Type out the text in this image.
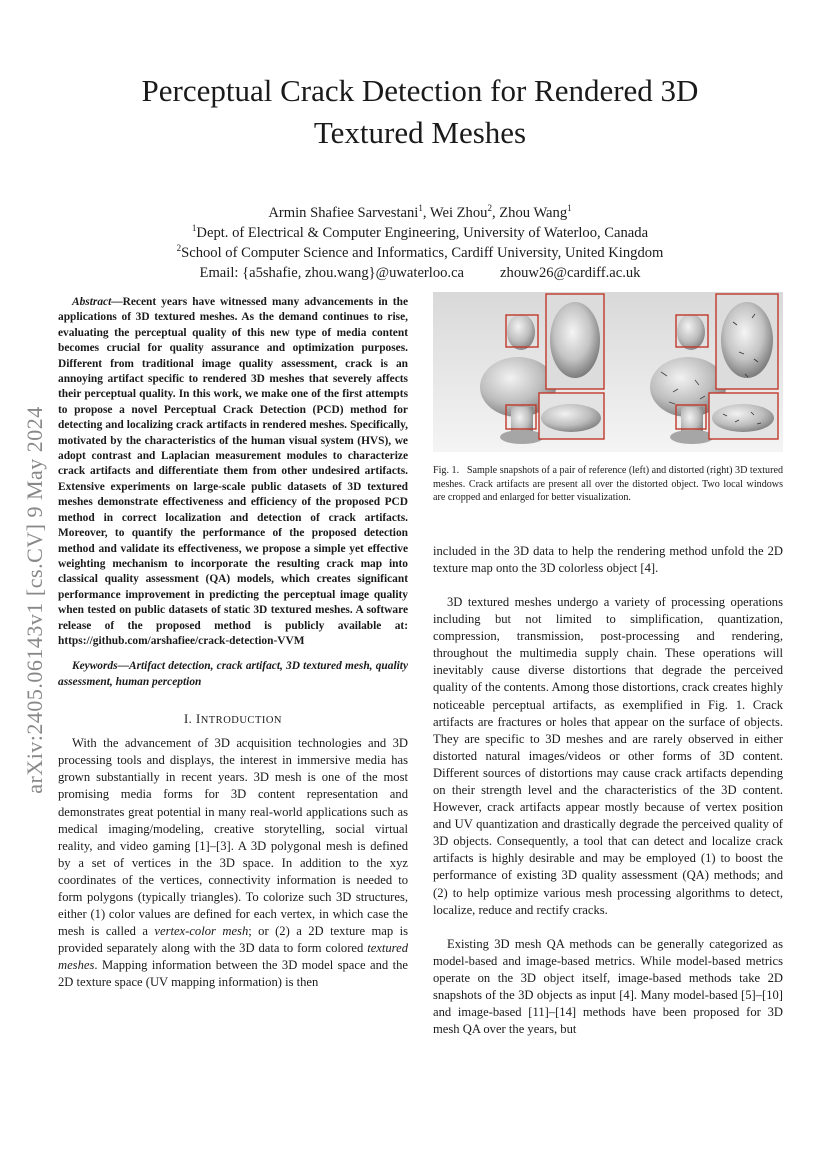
arXiv:2405.06143v1 [cs.CV] 9 May 2024
Perceptual Crack Detection for Rendered 3D
Textured Meshes
Armin Shafiee Sarvestani$^1$, Wei Zhou$^2$, Zhou Wang$^1$
$^1$Dept. of Electrical & Computer Engineering, University of Waterloo, Canada
$^2$School of Computer Science and Informatics, Cardiff University, United Kingdom
Email: {a5shafie, zhou.wang}@uwaterloo.ca zhouw26@cardiff.ac.uk

Abstract—Recent years have witnessed many advancements in the applications of 3D textured meshes. As the demand continues to rise, evaluating the perceptual quality of this new type of media content becomes crucial for quality assurance and optimization purposes. Different from traditional image quality assessment, crack is an annoying artifact specific to rendered 3D meshes that severely affects their perceptual quality. In this work, we make one of the first attempts to propose a novel Perceptual Crack Detection (PCD) method for detecting and localizing crack artifacts in rendered meshes. Specifically, motivated by the characteristics of the human visual system (HVS), we adopt contrast and Laplacian measurement modules to characterize crack artifacts and differentiate them from other undesired artifacts. Extensive experiments on large-scale public datasets of 3D textured meshes demonstrate effectiveness and efficiency of the proposed PCD method in correct localization and detection of crack artifacts. Moreover, to quantify the performance of the proposed detection method and validate its effectiveness, we propose a simple yet effective weighting mechanism to incorporate the resulting crack map into classical quality assessment (QA) models, which creates significant performance improvement in predicting the perceptual image quality when tested on public datasets of static 3D textured meshes. A software release of the proposed method is publicly available at: https://github.com/arshafiee/crack-detection-VVM

Keywords—Artifact detection, crack artifact, 3D textured mesh, quality assessment, human perception

I. INTRODUCTION

With the advancement of 3D acquisition technologies and 3D processing tools and displays, the interest in immersive media has grown substantially in recent years. 3D mesh is one of the most promising media forms for 3D content representation and demonstrates great potential in many real-world applications such as medical imaging/modeling, creative storytelling, social virtual reality, and video gaming [1]–[3]. A 3D polygonal mesh is defined by a set of vertices in the 3D space. In addition to the xyz coordinates of the vertices, connectivity information is needed to form polygons (typically triangles). To colorize such 3D structures, either (1) color values are defined for each vertex, in which case the mesh is called a vertex-color mesh; or (2) a 2D texture map is provided separately along with the 3D data to form colored textured meshes. Mapping information between the 3D model space and the 2D texture space (UV mapping information) is then

Fig. 1. Sample snapshots of a pair of reference (left) and distorted (right) 3D textured meshes. Crack artifacts are present all over the distorted object. Two local windows are cropped and enlarged for better visualization.

included in the 3D data to help the rendering method unfold the 2D texture map onto the 3D colorless object [4].

3D textured meshes undergo a variety of processing operations including but not limited to simplification, quantization, compression, transmission, post-processing and rendering, throughout the multimedia supply chain. These operations will inevitably cause diverse distortions that degrade the perceived quality of the contents. Among those distortions, crack creates highly noticeable perceptual artifacts, as exemplified in Fig. 1. Crack artifacts are fractures or holes that appear on the surface of objects. They are specific to 3D meshes and are rarely observed in either distorted natural images/videos or other forms of 3D content. Different sources of distortions may cause crack artifacts depending on their strength level and the characteristics of the 3D content. However, crack artifacts appear mostly because of vertex position and UV quantization and drastically degrade the perceived quality of 3D objects. Consequently, a tool that can detect and localize crack artifacts is highly desirable and may be employed (1) to boost the performance of existing 3D quality assessment (QA) methods; and (2) to help optimize various mesh processing algorithms to detect, localize, reduce and rectify cracks.

Existing 3D mesh QA methods can be generally categorized as model-based and image-based metrics. While model-based metrics operate on the 3D object itself, image-based methods take 2D snapshots of the 3D objects as input [4]. Many model-based [5]–[10] and image-based [11]–[14] methods have been proposed for 3D mesh QA over the years, but
